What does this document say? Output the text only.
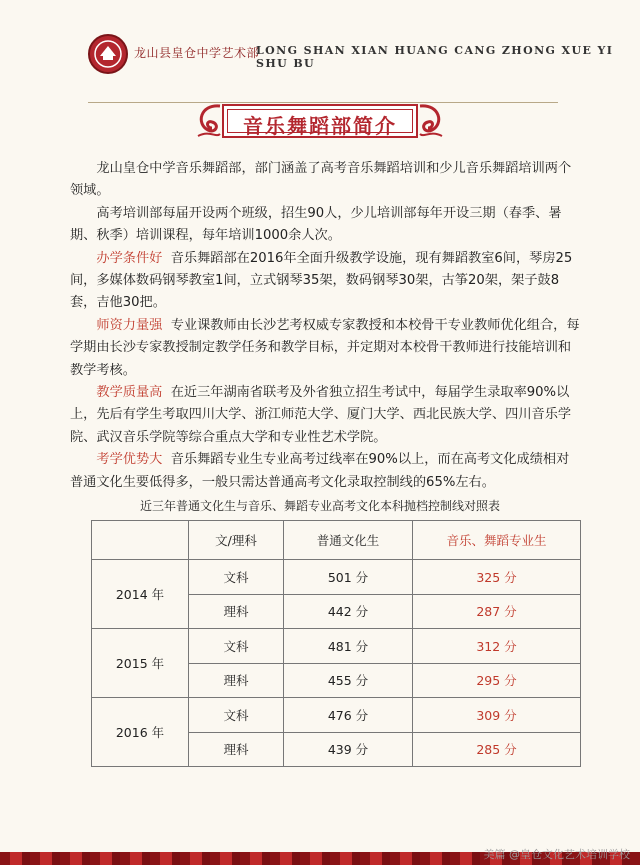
龙山县皇仓中学艺术部
LONG SHAN XIAN HUANG CANG ZHONG XUE YI SHU BU
音乐舞蹈部简介

龙山皇仓中学音乐舞蹈部，部门涵盖了高考音乐舞蹈培训和少儿音乐舞蹈培训两个领域。

高考培训部每届开设两个班级，招生90人，少儿培训部每年开设三期（春季、暑期、秋季）培训课程，每年培训1000余人次。

办学条件好 音乐舞蹈部在2016年全面升级教学设施，现有舞蹈教室6间，琴房25间，多媒体数码钢琴教室1间，立式钢琴35架，数码钢琴30架，古筝20架，架子鼓8套，吉他30把。

师资力量强 专业课教师由长沙艺考权威专家教授和本校骨干专业教师优化组合，每学期由长沙专家教授制定教学任务和教学目标，并定期对本校骨干教师进行技能培训和教学考核。

教学质量高 在近三年湖南省联考及外省独立招生考试中，每届学生录取率90%以上，先后有学生考取四川大学、浙江师范大学、厦门大学、西北民族大学、四川音乐学院、武汉音乐学院等综合重点大学和专业性艺术学院。

考学优势大 音乐舞蹈专业生专业高考过线率在90%以上，而在高考文化成绩相对普通文化生要低得多，一般只需达普通高考文化录取控制线的65%左右。

近三年普通文化生与音乐、舞蹈专业高考文化本科抛档控制线对照表
	文/理科	普通文化生	音乐、舞蹈专业生
2014 年	文科	501 分	325 分
	理科	442 分	287 分
2015 年	文科	481 分	312 分
	理科	455 分	295 分
2016 年	文科	476 分	309 分
	理科	439 分	285 分
美篇 @皇仓文化艺术培训学校
